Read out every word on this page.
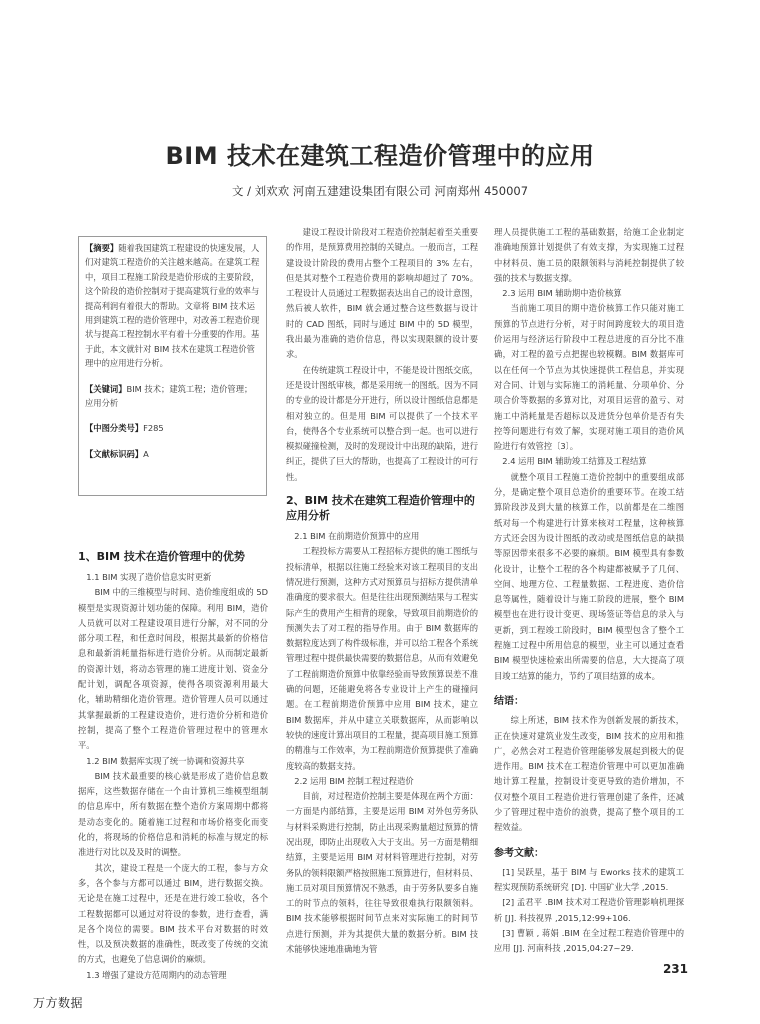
BIM 技术在建筑工程造价管理中的应用

文 / 刘欢欢 河南五建建设集团有限公司 河南郑州 450007

【摘要】随着我国建筑工程建设的快速发展，人们对建筑工程造价的关注越来越高。在建筑工程中，项目工程施工阶段是造价形成的主要阶段，这个阶段的造价控制对于提高建筑行业的效率与提高利润有着很大的帮助。文章将 BIM 技术运用到建筑工程的造价管理中，对改善工程造价现状与提高工程控制水平有着十分重要的作用。基于此，本文就针对 BIM 技术在建筑工程造价管理中的应用进行分析。

【关键词】BIM 技术；建筑工程；造价管理；应用分析

【中图分类号】F285

【文献标识码】A

1、BIM 技术在造价管理中的优势
1.1 BIM 实现了造价信息实时更新

BIM 中的三维模型与时间、造价维度组成的 5D 模型是实现资源计划功能的保障。利用 BIM，造价人员就可以对工程建设项目进行分解，对不同的分部分项工程，和任意时间段，根据其最新的价格信息和最新消耗量指标进行造价分析。从而制定最新的资源计划，将动态管理的施工进度计划、资金分配计划，调配各项资源，使得各项资源利用最大化，辅助精细化造价管理。造价管理人员可以通过其掌握最新的工程建设造价，进行造价分析和造价控制，提高了整个工程造价管理过程中的管理水平。

1.2 BIM 数据库实现了统一协调和资源共享

BIM 技术最重要的核心就是形成了造价信息数据库，这些数据存储在一个由计算机三维模型组制的信息库中，所有数据在整个造价方案周期中都将是动态变化的。随着施工过程和市场价格变化而变化的，将现场的价格信息和消耗的标准与规定的标准进行对比以及及时的调整。

其次，建设工程是一个庞大的工程，参与方众多，各个参与方都可以通过 BIM，进行数据交换。无论是在施工过程中，还是在进行竣工验收，各个工程数据都可以通过对符设的参数，进行查看，满足各个岗位的需要。BIM 技术平台对数据的时效性，以及预决数据的准确性，既改变了传统的交流的方式，也避免了信息调价的麻烦。

1.3 增强了建设方范周期内的动态管理

建设工程设计阶段对工程造价控制起着至关重要的作用，是预算费用控制的关键点。一般而言，工程建设设计阶段的费用占整个工程项目的 3% 左右，但是其对整个工程造价费用的影响却超过了 70%。工程设计人员通过工程数据表达出自己的设计意图，然后被人软件，BIM 就会通过整合这些数据与设计时的 CAD 图纸，同时与通过 BIM 中的 5D 模型，我出最为准确的造价信息，得以实现限额的设计要求。

在传统建筑工程设计中，不能是设计图纸交底，还是设计图纸审核，都是采用统一的图纸。因为不同的专业的设计都是分开进行，所以设计图纸信息都是相对独立的。但是用 BIM 可以提供了一个技术平台，使得各个专业系统可以整合到一起。也可以进行模拟碰撞检测，及时的发现设计中出现的缺陷，进行纠正，提供了巨大的帮助，也提高了工程设计的可行性。

2、BIM 技术在建筑工程造价管理中的应用分析
2.1 BIM 在前期造价预算中的应用

工程投标方需要从工程招标方提供的施工图纸与投标清单，根据以往施工经验来对该工程项目的支出情况进行预测，这种方式对预算员与招标方提供清单准确度的要求很大。但是往往出现预测结果与工程实际产生的费用产生相背的现象，导致项目前期造价的预测失去了对工程的指导作用。由于 BIM 数据库的数据粒度达到了构件级标准，并可以给工程各个系统管理过程中提供最快需要的数据信息，从而有效避免了工程前期造价预算中依靠经验而导致预算误差不准确的问题，还能避免将各专业设计上产生的碰撞问题。在工程前期造价预算中应用 BIM 技术，建立 BIM 数据库，并从中建立关联数据库，从而影响以较快的速度计算出项目的工程量，提高项目施工预算的精准与工作效率，为工程前期造价预算提供了准确度较高的数据支持。

2.2 运用 BIM 控制工程过程造价

目前，对过程造价控制主要是体现在两个方面：一方面是内部结算，主要是运用 BIM 对外包劳务队与材料采购进行控制，防止出现采购量超过预算的情况出现，即防止出现收入大于支出。另一方面是精细结算，主要是运用 BIM 对材料管理进行控制，对劳务队的领料限额严格按照施工预算进行，但材料员、施工员对项目预算情况不熟悉，由于劳务队要多自施工的时节点的领料，往往导致很难执行限额领料。BIM 技术能够根据时间节点来对实际施工的时间节点进行预测，并为其提供大量的数据分析。BIM 技术能够快速地准确地为管

理人员提供施工工程的基础数据，给施工企业制定准确地预算计划提供了有效支撑，为实现施工过程中材料员、施工员的限额领料与消耗控制提供了较强的技术与数据支撑。

2.3 运用 BIM 辅助期中造价核算

当前施工项目的期中造价核算工作只能对施工预算的节点进行分析，对于时间跨度较大的项目造价运用与经济运行阶段中工程总进度的百分比不准确，对工程的盈亏点把握也较模糊。BIM 数据库可以在任何一个节点为其快速提供工程信息，并实现对合同、计划与实际施工的消耗量、分项单价、分项合价等数据的多算对比，对项目运营的盈亏、对施工中消耗量是否超标以及进货分包单价是否有失控等问题进行有效了解，实现对施工项目的造价风险进行有效管控〔3〕。

2.4 运用 BIM 辅助竣工结算及工程结算

就整个项目工程施工造价控制中的重要组成部分，是确定整个项目总造价的重要环节。在竣工结算阶段涉及到大量的核算工作，以前都是在二维图纸对每一个构建进行计算来核对工程量，这种核算方式还会因为设计图纸的改动或是图纸信息的缺损等原因带来很多不必要的麻烦。BIM 模型具有参数化设计，让整个工程的各个构建都被赋予了几何、空间、地理方位、工程量数据、工程进度、造价信息等属性，随着设计与施工阶段的进展，整个 BIM 模型也在进行设计变更、现场签证等信息的录入与更新，到工程竣工阶段时，BIM 模型包含了整个工程施工过程中所用信息的模型，业主可以通过查看 BIM 模型快速检索出所需要的信息，大大提高了项目竣工结算的能力，节约了项目结算的成本。

结语：

综上所述，BIM 技术作为创新发展的新技术，正在快速对建筑业发生改变，BIM 技术的应用和推广，必然会对工程造价管理能够发展起到极大的促进作用。BIM 技术在工程造价管理中可以更加准确地计算工程量，控制设计变更导致的造价增加，不仅对整个项目工程造价进行管理创建了条件，还减少了管理过程中造价的浪费，提高了整个项目的工程效益。

参考文献：

[1] 吴跃星，基于 BIM 与 Eworks 技术的建筑工程实现预防系统研究 [D]. 中国矿业大学 ,2015.

[2] 孟君平 .BIM 技术对工程造价管理影响机理探析 [J]. 科技视界 ,2015,12:99+106.

[3] 曹颖 , 蒋娟 .BIM 在全过程工程造价管理中的应用 [J]. 河南科技 ,2015,04:27~29.

231
万方数据
